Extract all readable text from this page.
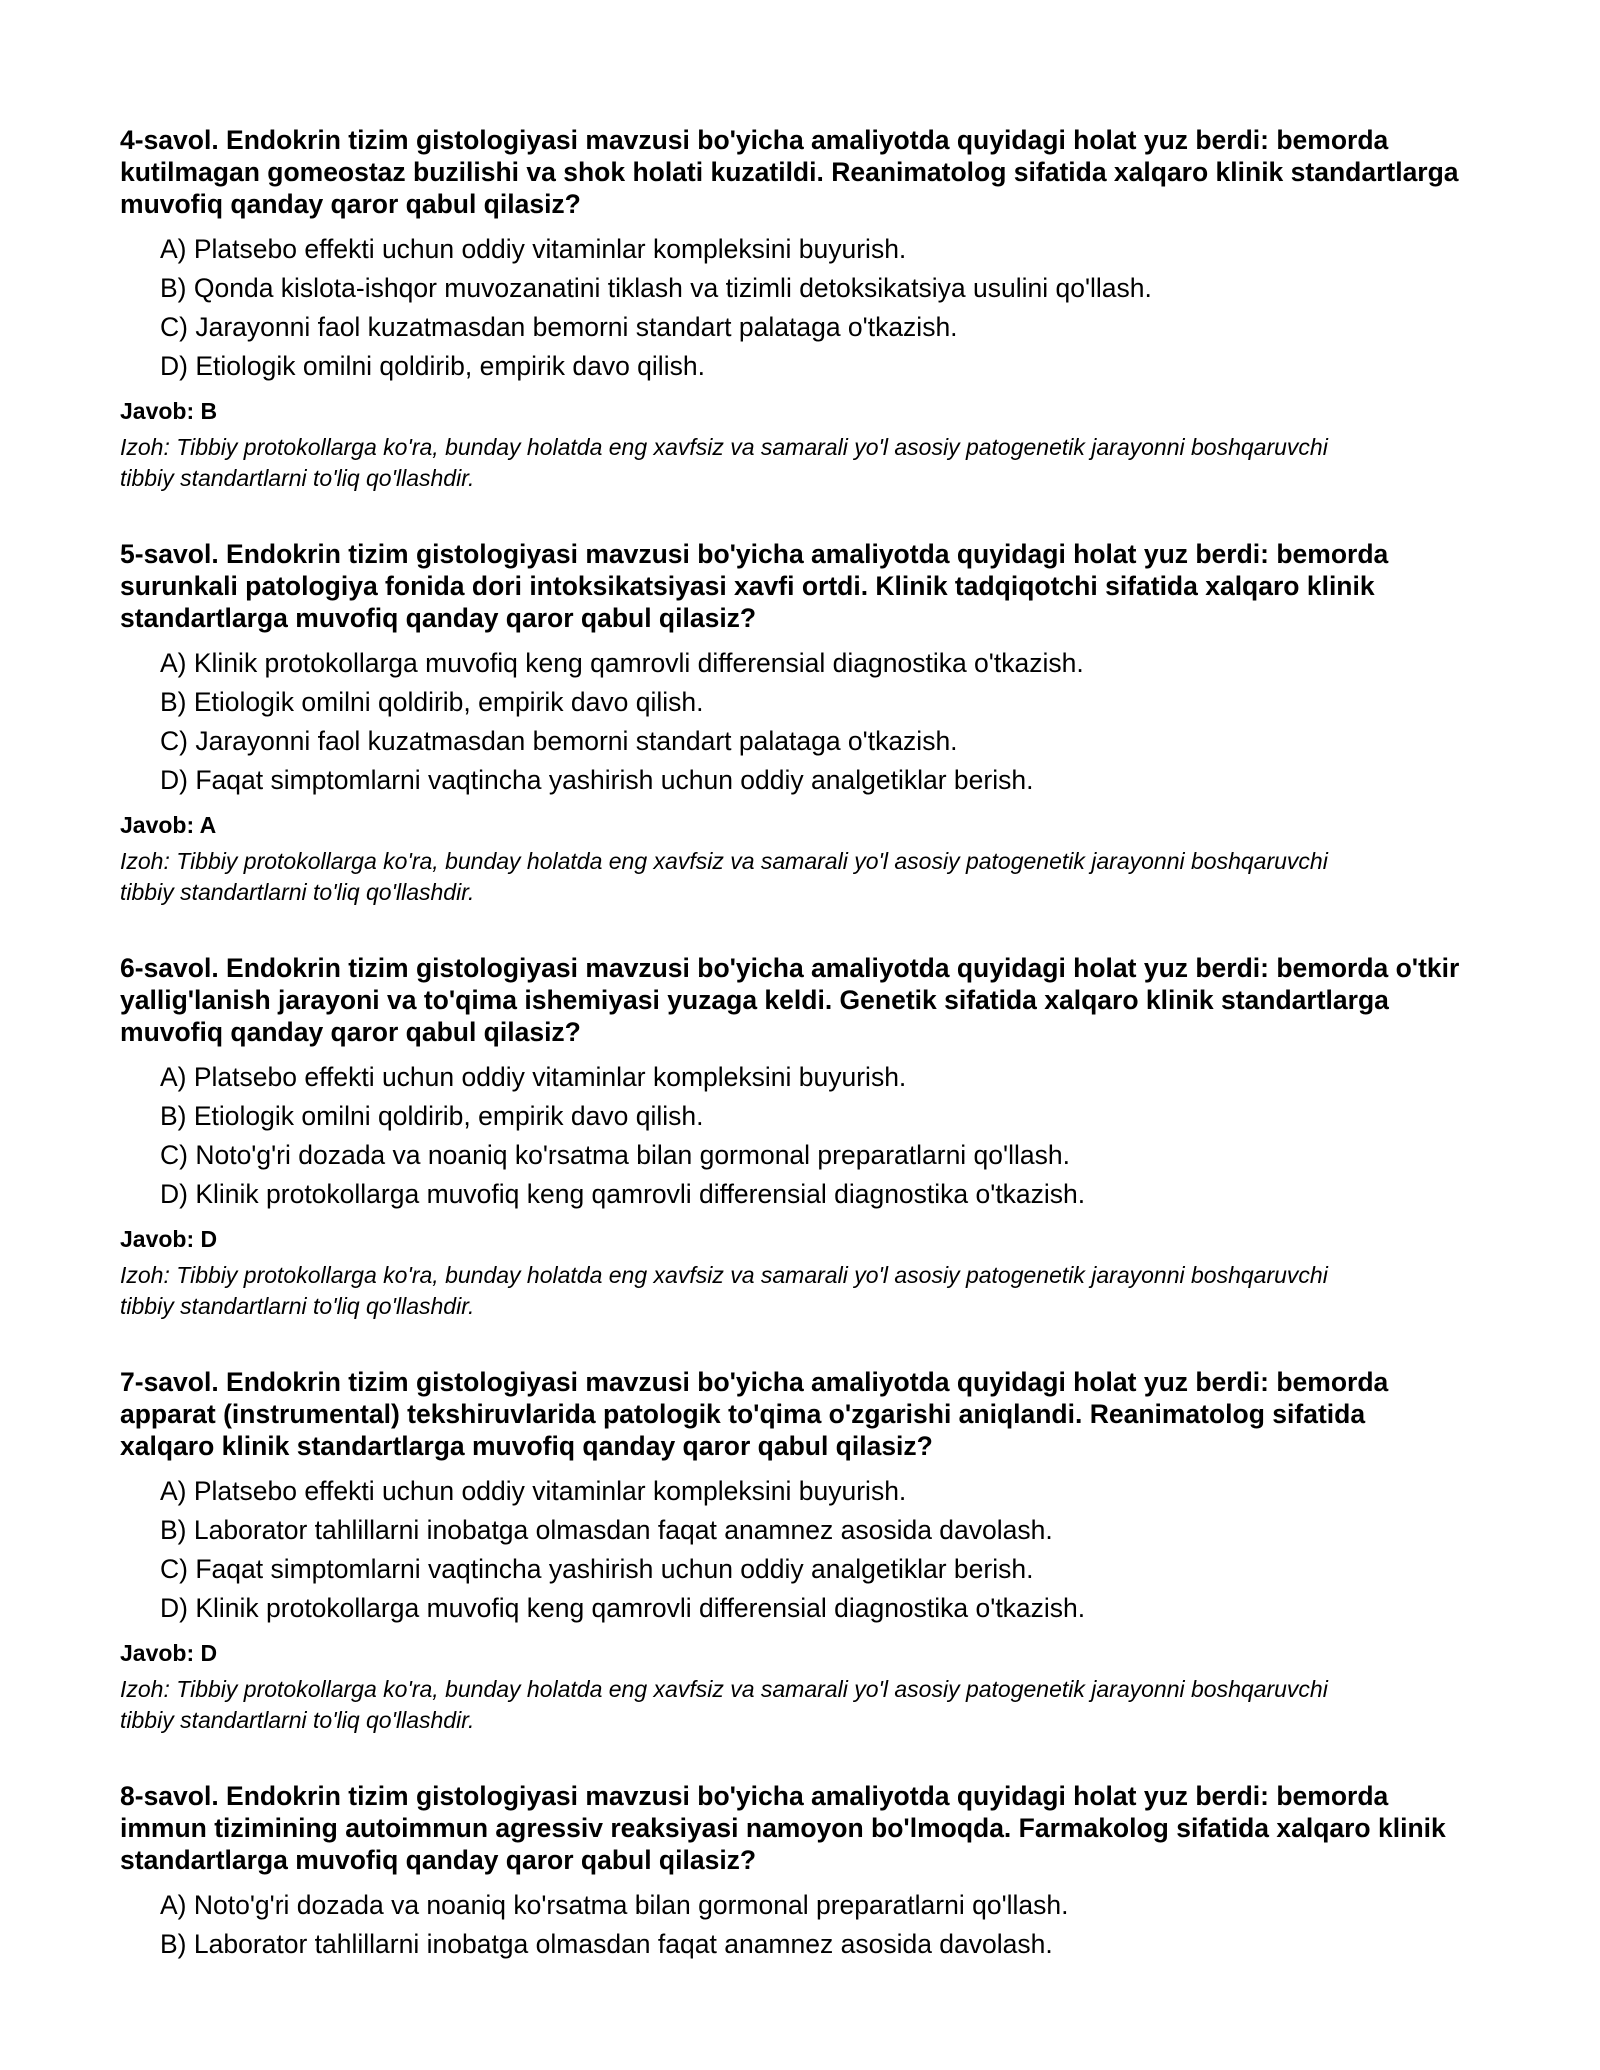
4-savol. Endokrin tizim gistologiyasi mavzusi bo'yicha amaliyotda quyidagi holat yuz berdi: bemorda kutilmagan gomeostaz buzilishi va shok holati kuzatildi. Reanimatolog sifatida xalqaro klinik standartlarga muvofiq qanday qaror qabul qilasiz?

A) Platsebo effekti uchun oddiy vitaminlar kompleksini buyurish.
B) Qonda kislota-ishqor muvozanatini tiklash va tizimli detoksikatsiya usulini qo'llash.
C) Jarayonni faol kuzatmasdan bemorni standart palataga o'tkazish.
D) Etiologik omilni qoldirib, empirik davo qilish.

Javob: B

Izoh: Tibbiy protokollarga ko'ra, bunday holatda eng xavfsiz va samarali yo'l asosiy patogenetik jarayonni boshqaruvchi tibbiy standartlarni to'liq qo'llashdir.

5-savol. Endokrin tizim gistologiyasi mavzusi bo'yicha amaliyotda quyidagi holat yuz berdi: bemorda surunkali patologiya fonida dori intoksikatsiyasi xavfi ortdi. Klinik tadqiqotchi sifatida xalqaro klinik standartlarga muvofiq qanday qaror qabul qilasiz?

A) Klinik protokollarga muvofiq keng qamrovli differensial diagnostika o'tkazish.
B) Etiologik omilni qoldirib, empirik davo qilish.
C) Jarayonni faol kuzatmasdan bemorni standart palataga o'tkazish.
D) Faqat simptomlarni vaqtincha yashirish uchun oddiy analgetiklar berish.

Javob: A

Izoh: Tibbiy protokollarga ko'ra, bunday holatda eng xavfsiz va samarali yo'l asosiy patogenetik jarayonni boshqaruvchi tibbiy standartlarni to'liq qo'llashdir.

6-savol. Endokrin tizim gistologiyasi mavzusi bo'yicha amaliyotda quyidagi holat yuz berdi: bemorda o'tkir yallig'lanish jarayoni va to'qima ishemiyasi yuzaga keldi. Genetik sifatida xalqaro klinik standartlarga muvofiq qanday qaror qabul qilasiz?

A) Platsebo effekti uchun oddiy vitaminlar kompleksini buyurish.
B) Etiologik omilni qoldirib, empirik davo qilish.
C) Noto'g'ri dozada va noaniq ko'rsatma bilan gormonal preparatlarni qo'llash.
D) Klinik protokollarga muvofiq keng qamrovli differensial diagnostika o'tkazish.

Javob: D

Izoh: Tibbiy protokollarga ko'ra, bunday holatda eng xavfsiz va samarali yo'l asosiy patogenetik jarayonni boshqaruvchi tibbiy standartlarni to'liq qo'llashdir.

7-savol. Endokrin tizim gistologiyasi mavzusi bo'yicha amaliyotda quyidagi holat yuz berdi: bemorda apparat (instrumental) tekshiruvlarida patologik to'qima o'zgarishi aniqlandi. Reanimatolog sifatida xalqaro klinik standartlarga muvofiq qanday qaror qabul qilasiz?

A) Platsebo effekti uchun oddiy vitaminlar kompleksini buyurish.
B) Laborator tahlillarni inobatga olmasdan faqat anamnez asosida davolash.
C) Faqat simptomlarni vaqtincha yashirish uchun oddiy analgetiklar berish.
D) Klinik protokollarga muvofiq keng qamrovli differensial diagnostika o'tkazish.

Javob: D

Izoh: Tibbiy protokollarga ko'ra, bunday holatda eng xavfsiz va samarali yo'l asosiy patogenetik jarayonni boshqaruvchi tibbiy standartlarni to'liq qo'llashdir.

8-savol. Endokrin tizim gistologiyasi mavzusi bo'yicha amaliyotda quyidagi holat yuz berdi: bemorda immun tizimining autoimmun agressiv reaksiyasi namoyon bo'lmoqda. Farmakolog sifatida xalqaro klinik standartlarga muvofiq qanday qaror qabul qilasiz?

A) Noto'g'ri dozada va noaniq ko'rsatma bilan gormonal preparatlarni qo'llash.
B) Laborator tahlillarni inobatga olmasdan faqat anamnez asosida davolash.
